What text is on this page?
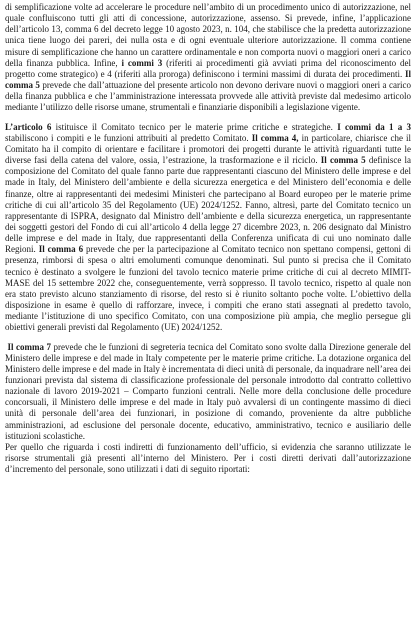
di semplificazione volte ad accelerare le procedure nell’ambito di un procedimento unico di autorizzazione, nel quale confluiscono tutti gli atti di concessione, autorizzazione, assenso. Si prevede, infine, l’applicazione dell’articolo 13, comma 6 del decreto legge 10 agosto 2023, n. 104, che stabilisce che la predetta autorizzazione unica tiene luogo dei pareri, dei nulla osta e di ogni eventuale ulteriore autorizzazione. Il comma contiene misure di semplificazione che hanno un carattere ordinamentale e non comporta nuovi o maggiori oneri a carico della finanza pubblica. Infine, i commi 3 (riferiti ai procedimenti già avviati prima del riconoscimento del progetto come strategico) e 4 (riferiti alla proroga) definiscono i termini massimi di durata dei procedimenti. Il comma 5 prevede che dall’attuazione del presente articolo non devono derivare nuovi o maggiori oneri a carico della finanza pubblica e che l’amministrazione interessata provvede alle attività previste dal medesimo articolo mediante l’utilizzo delle risorse umane, strumentali e finanziarie disponibili a legislazione vigente.

L’articolo 6 istituisce il Comitato tecnico per le materie prime critiche e strategiche. I commi da 1 a 3 stabiliscono i compiti e le funzioni attribuiti al predetto Comitato. Il comma 4, in particolare, chiarisce che il Comitato ha il compito di orientare e facilitare i promotori dei progetti durante le attività riguardanti tutte le diverse fasi della catena del valore, ossia, l’estrazione, la trasformazione e il riciclo. Il comma 5 definisce la composizione del Comitato del quale fanno parte due rappresentanti ciascuno del Ministero delle imprese e del made in Italy, del Ministero dell’ambiente e della sicurezza energetica e del Ministero dell’economia e delle finanze, oltre ai rappresentanti dei medesimi Ministeri che partecipano al Board europeo per le materie prime critiche di cui all’articolo 35 del Regolamento (UE) 2024/1252. Fanno, altresì, parte del Comitato tecnico un rappresentante di ISPRA, designato dal Ministro dell’ambiente e della sicurezza energetica, un rappresentante dei soggetti gestori del Fondo di cui all’articolo 4 della legge 27 dicembre 2023, n. 206 designato dal Ministro delle imprese e del made in Italy, due rappresentanti della Conferenza unificata di cui uno nominato dalle Regioni. Il comma 6 prevede che per la partecipazione al Comitato tecnico non spettano compensi, gettoni di presenza, rimborsi di spesa o altri emolumenti comunque denominati. Sul punto si precisa che il Comitato tecnico è destinato a svolgere le funzioni del tavolo tecnico materie prime critiche di cui al decreto MIMIT-MASE del 15 settembre 2022 che, conseguentemente, verrà soppresso. Il tavolo tecnico, rispetto al quale non era stato previsto alcuno stanziamento di risorse, del resto si è riunito soltanto poche volte. L’obiettivo della disposizione in esame è quello di rafforzare, invece, i compiti che erano stati assegnati al predetto tavolo, mediante l’istituzione di uno specifico Comitato, con una composizione più ampia, che meglio persegue gli obiettivi generali previsti dal Regolamento (UE) 2024/1252.

Il comma 7 prevede che le funzioni di segreteria tecnica del Comitato sono svolte dalla Direzione generale del Ministero delle imprese e del made in Italy competente per le materie prime critiche. La dotazione organica del Ministero delle imprese e del made in Italy è incrementata di dieci unità di personale, da inquadrare nell’area dei funzionari prevista dal sistema di classificazione professionale del personale introdotto dal contratto collettivo nazionale di lavoro 2019-2021 – Comparto funzioni centrali. Nelle more della conclusione delle procedure concorsuali, il Ministero delle imprese e del made in Italy può avvalersi di un contingente massimo di dieci unità di personale dell’area dei funzionari, in posizione di comando, proveniente da altre pubbliche amministrazioni, ad esclusione del personale docente, educativo, amministrativo, tecnico e ausiliario delle istituzioni scolastiche.

Per quello che riguarda i costi indiretti di funzionamento dell’ufficio, si evidenzia che saranno utilizzate le risorse strumentali già presenti all’interno del Ministero. Per i costi diretti derivati dall’autorizzazione d’incremento del personale, sono utilizzati i dati di seguito riportati:
